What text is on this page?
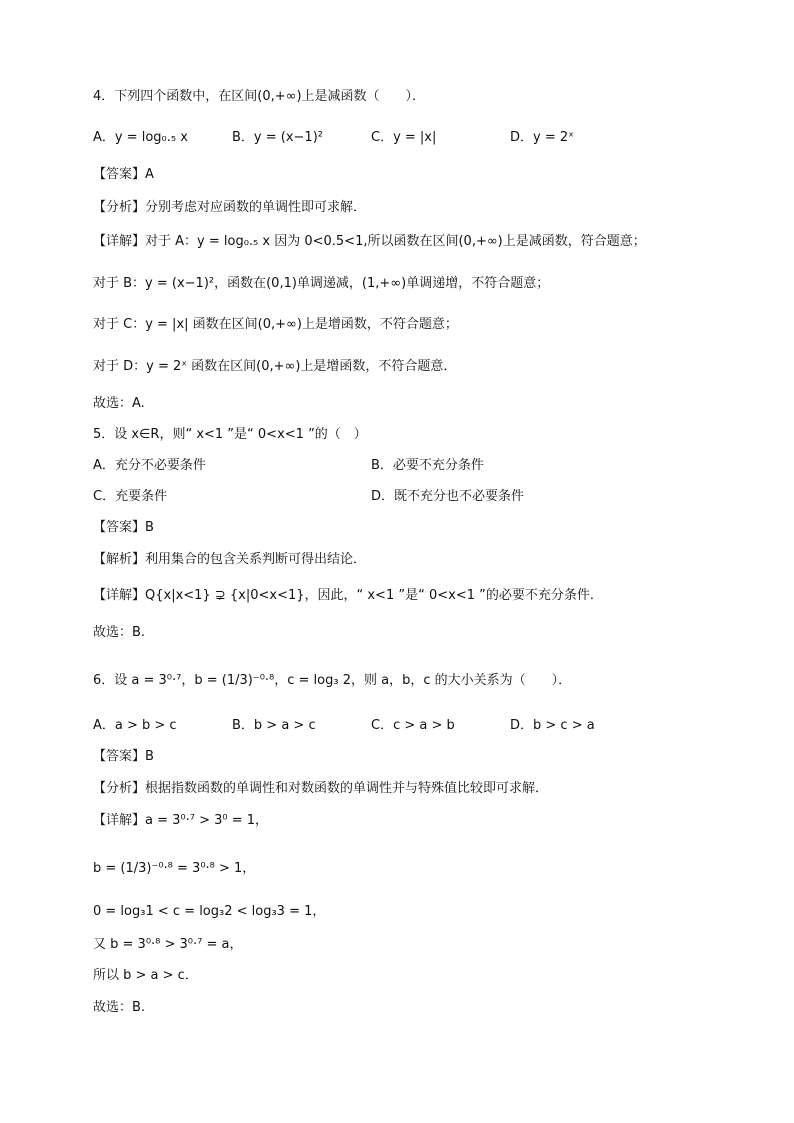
4．下列四个函数中，在区间(0,+∞)上是减函数（　　）．
A．y = log₀.₅ x	B．y = (x−1)²	C．y = |x|	D．y = 2ˣ
【答案】A
【分析】分别考虑对应函数的单调性即可求解．
【详解】对于 A：y = log₀.₅ x 因为 0<0.5<1,所以函数在区间(0,+∞)上是减函数，符合题意；
对于 B：y = (x−1)²，函数在(0,1)单调递减，(1,+∞)单调递增，不符合题意；
对于 C：y = |x| 函数在区间(0,+∞)上是增函数，不符合题意；
对于 D：y = 2ˣ 函数在区间(0,+∞)上是增函数，不符合题意．
故选：A.
5．设 x∈R，则“ x<1 ”是“ 0<x<1 ”的（　）
A．充分不必要条件	B．必要不充分条件
C．充要条件	D．既不充分也不必要条件
【答案】B
【解析】利用集合的包含关系判断可得出结论．
【详解】Q{x|x<1} ⊋ {x|0<x<1}，因此，“ x<1 ”是“ 0<x<1 ”的必要不充分条件．
故选：B.
6．设 a = 3⁰·⁷，b = (1/3)⁻⁰·⁸，c = log₃ 2，则 a，b，c 的大小关系为（　　）．
A．a > b > c	B．b > a > c	C．c > a > b	D．b > c > a
【答案】B
【分析】根据指数函数的单调性和对数函数的单调性并与特殊值比较即可求解．
【详解】a = 3⁰·⁷ > 3⁰ = 1，
b = (1/3)⁻⁰·⁸ = 3⁰·⁸ > 1，
0 = log₃1 < c = log₃2 < log₃3 = 1，
又 b = 3⁰·⁸ > 3⁰·⁷ = a，
所以 b > a > c．
故选：B.
